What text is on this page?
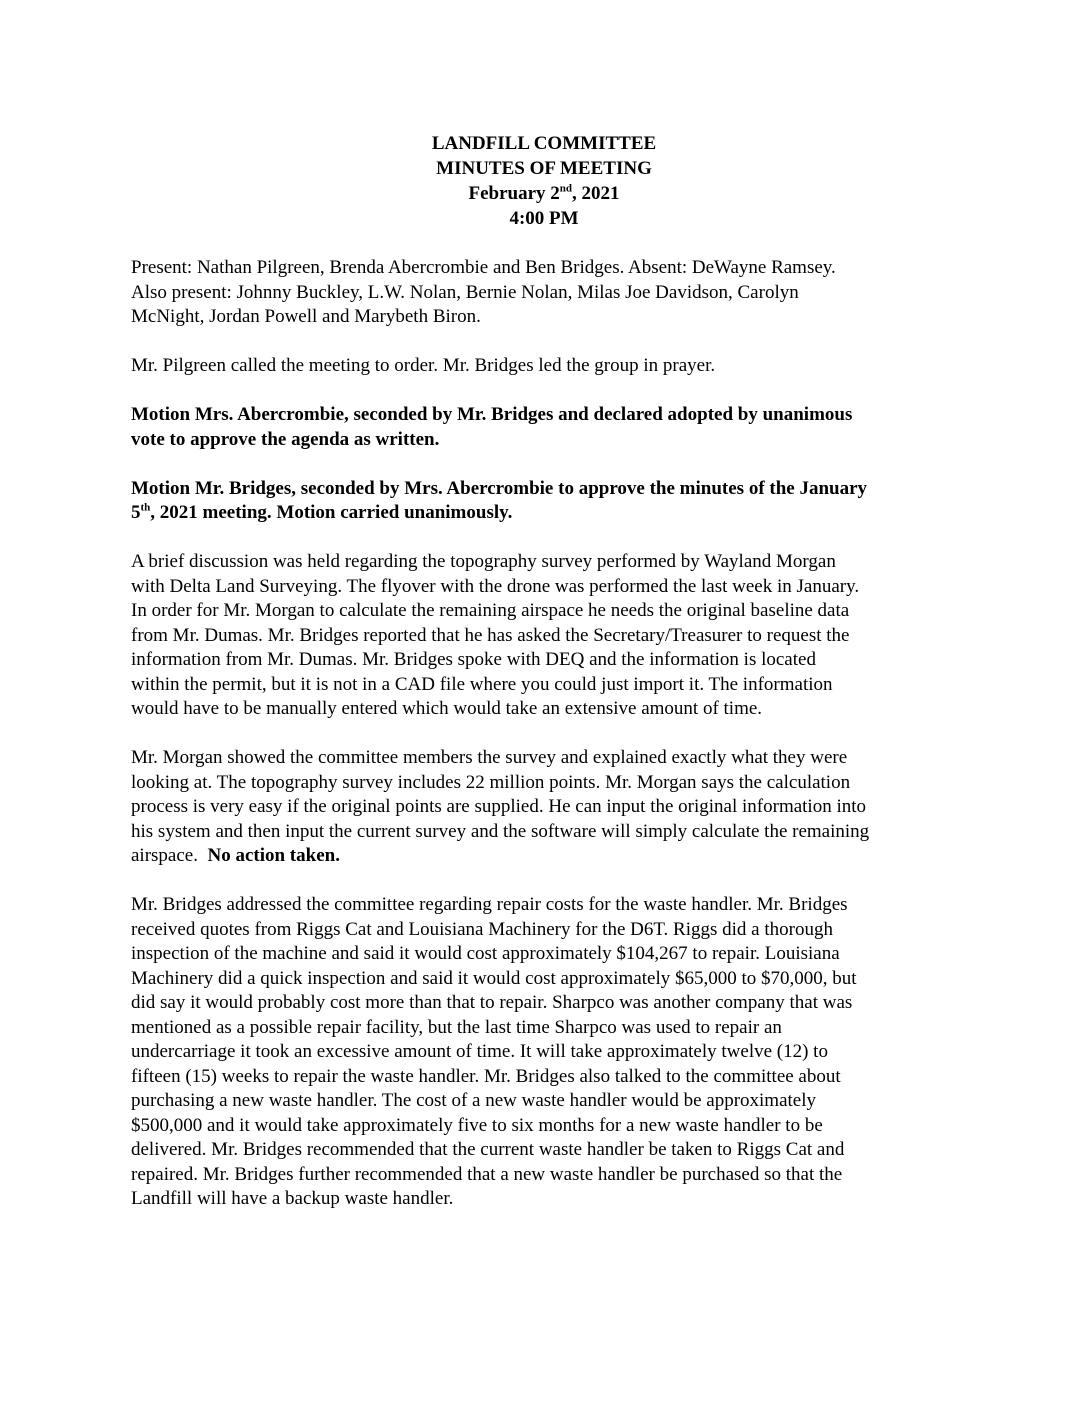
LANDFILL COMMITTEE
MINUTES OF MEETING
February 2nd, 2021
4:00 PM
Present: Nathan Pilgreen, Brenda Abercrombie and Ben Bridges. Absent: DeWayne Ramsey.
Also present: Johnny Buckley, L.W. Nolan, Bernie Nolan, Milas Joe Davidson, Carolyn
McNight, Jordan Powell and Marybeth Biron.
Mr. Pilgreen called the meeting to order. Mr. Bridges led the group in prayer.
Motion Mrs. Abercrombie, seconded by Mr. Bridges and declared adopted by unanimous
vote to approve the agenda as written.
Motion Mr. Bridges, seconded by Mrs. Abercrombie to approve the minutes of the January
5th, 2021 meeting. Motion carried unanimously.
A brief discussion was held regarding the topography survey performed by Wayland Morgan
with Delta Land Surveying. The flyover with the drone was performed the last week in January.
In order for Mr. Morgan to calculate the remaining airspace he needs the original baseline data
from Mr. Dumas. Mr. Bridges reported that he has asked the Secretary/Treasurer to request the
information from Mr. Dumas. Mr. Bridges spoke with DEQ and the information is located
within the permit, but it is not in a CAD file where you could just import it. The information
would have to be manually entered which would take an extensive amount of time.
Mr. Morgan showed the committee members the survey and explained exactly what they were
looking at. The topography survey includes 22 million points. Mr. Morgan says the calculation
process is very easy if the original points are supplied. He can input the original information into
his system and then input the current survey and the software will simply calculate the remaining
airspace.  No action taken.
Mr. Bridges addressed the committee regarding repair costs for the waste handler. Mr. Bridges
received quotes from Riggs Cat and Louisiana Machinery for the D6T. Riggs did a thorough
inspection of the machine and said it would cost approximately $104,267 to repair. Louisiana
Machinery did a quick inspection and said it would cost approximately $65,000 to $70,000, but
did say it would probably cost more than that to repair. Sharpco was another company that was
mentioned as a possible repair facility, but the last time Sharpco was used to repair an
undercarriage it took an excessive amount of time. It will take approximately twelve (12) to
fifteen (15) weeks to repair the waste handler. Mr. Bridges also talked to the committee about
purchasing a new waste handler. The cost of a new waste handler would be approximately
$500,000 and it would take approximately five to six months for a new waste handler to be
delivered. Mr. Bridges recommended that the current waste handler be taken to Riggs Cat and
repaired. Mr. Bridges further recommended that a new waste handler be purchased so that the
Landfill will have a backup waste handler.
